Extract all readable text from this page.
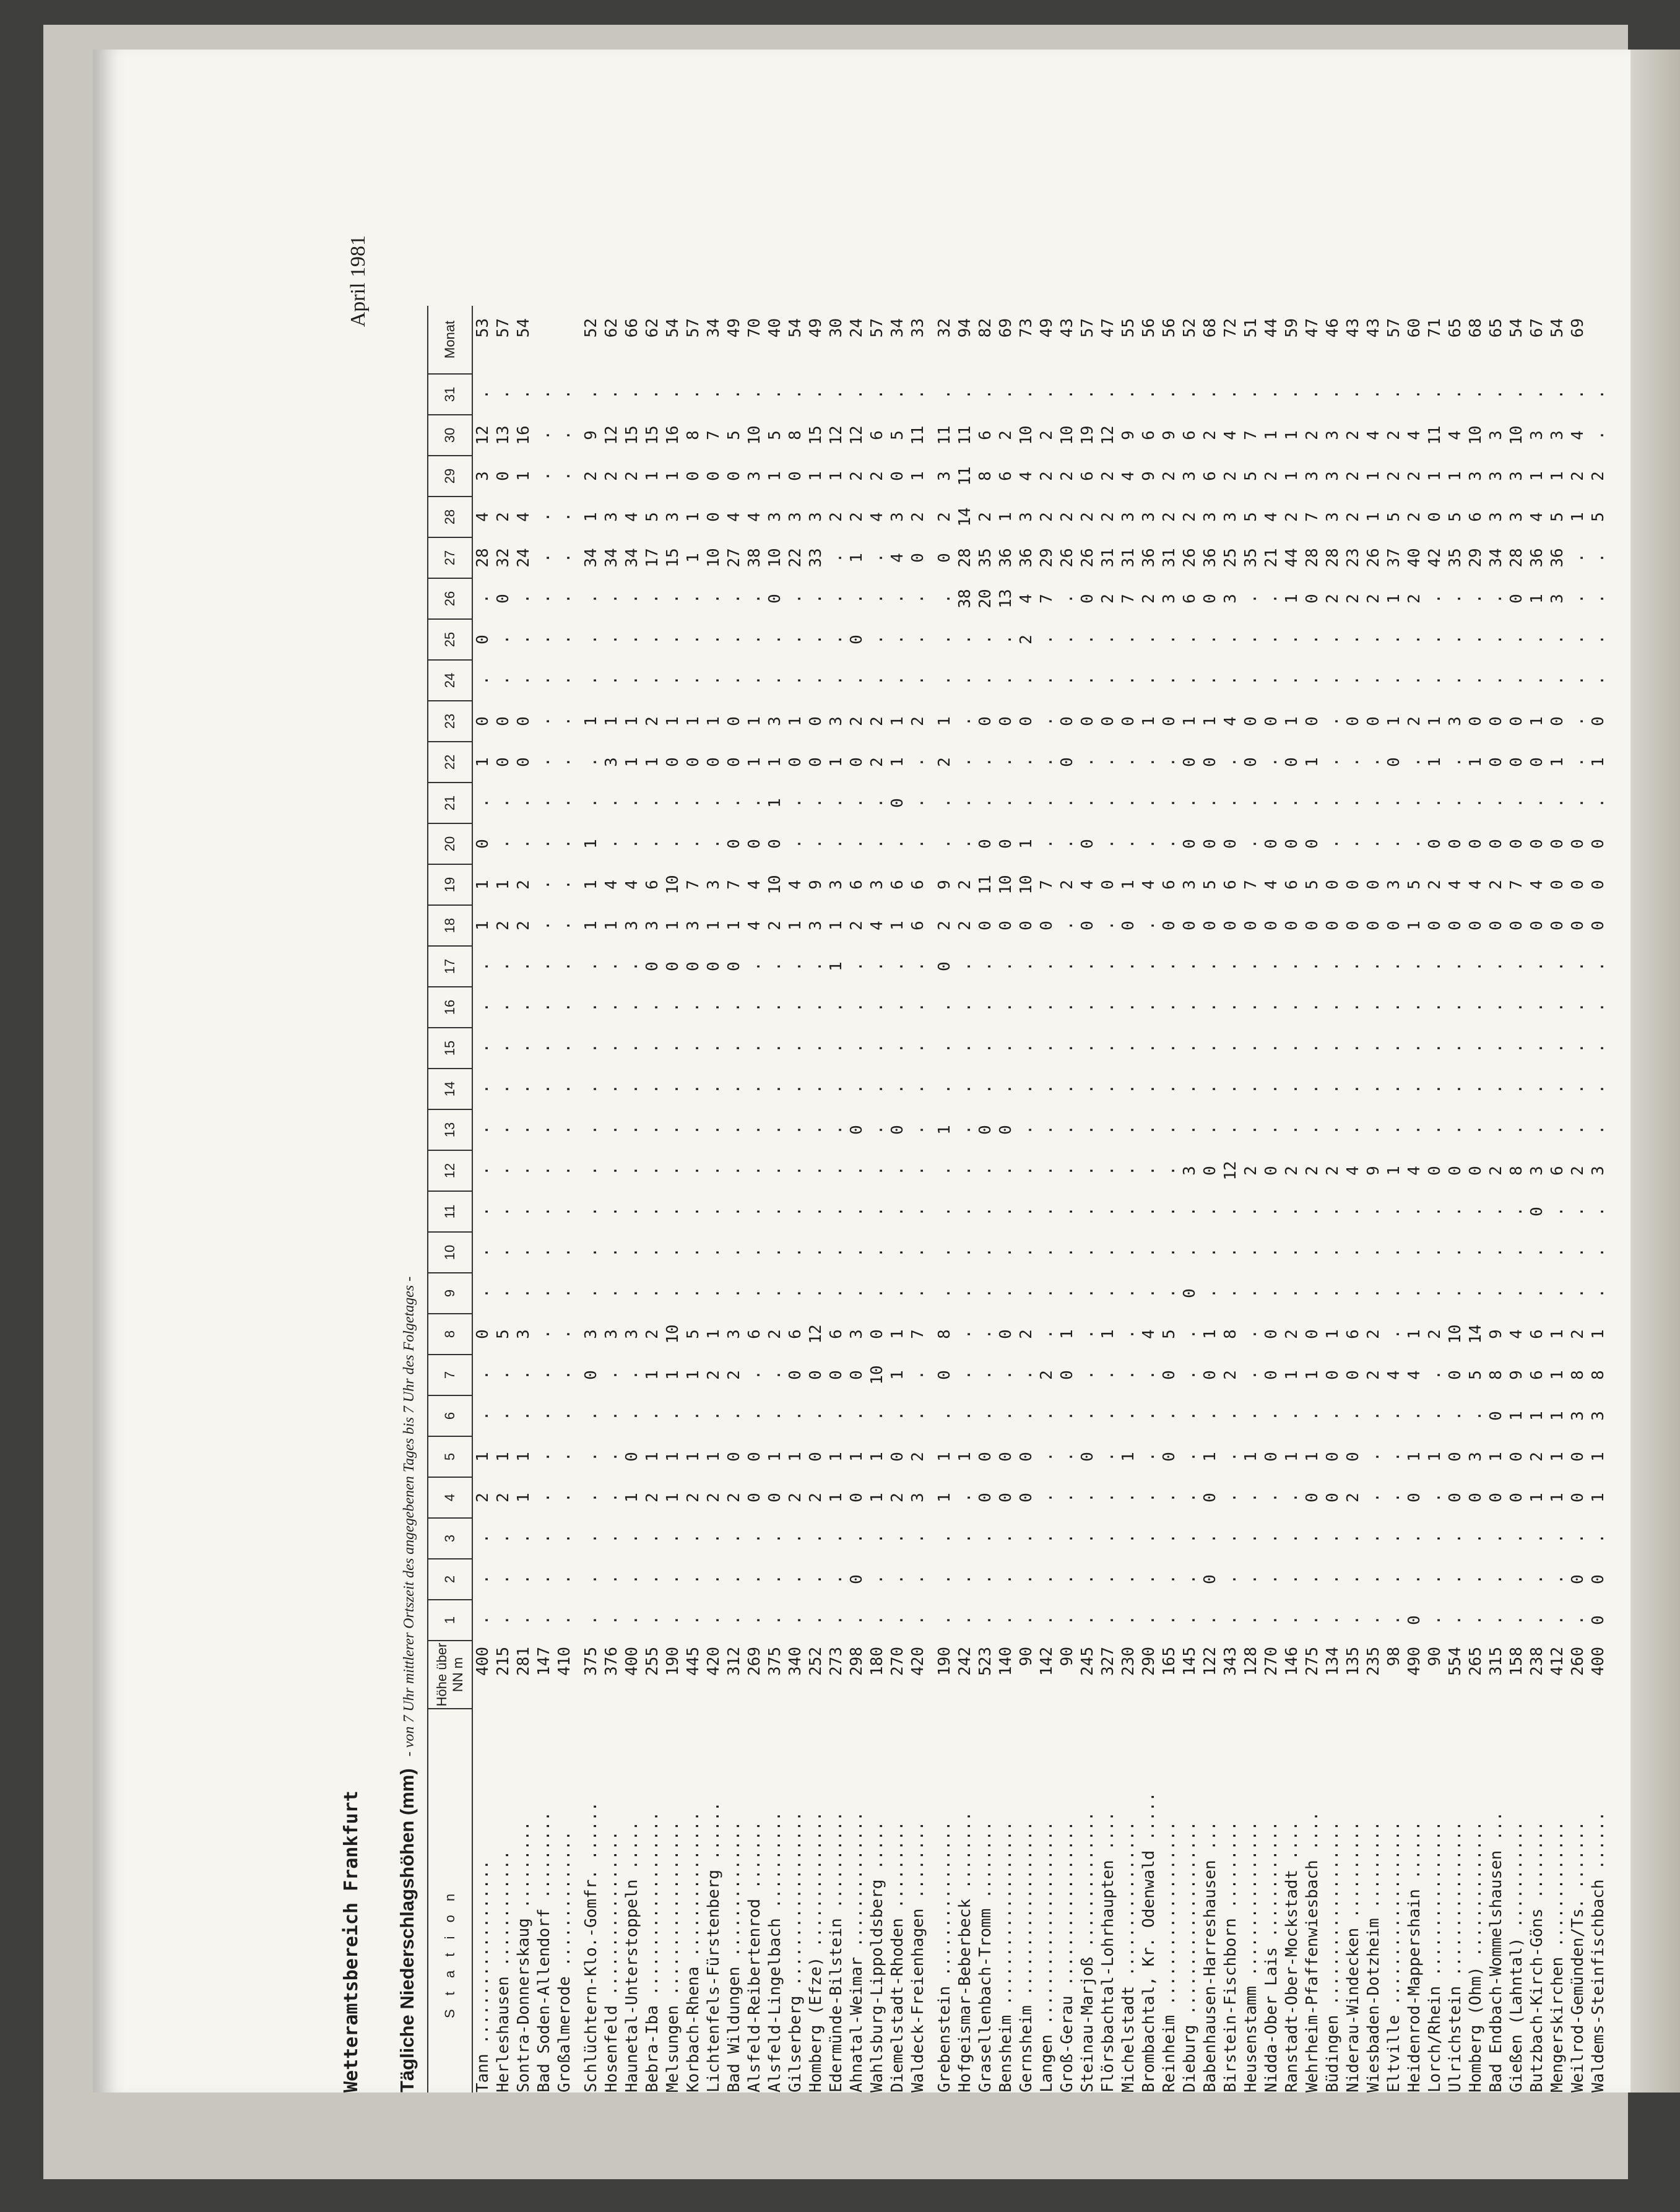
Wetteramtsbereich Frankfurt Tägliche Niederschlagshöhen (mm) - von 7 Uhr mittlerer Ortszeit des angegebenen Tages bis 7 Uhr des Folgetages -
April 1981
S t a t i o n	Höhe über NN m	1	2	3	4	5	6	7	8	9	10	11	12	13	14	15	16	17	18	19	20	21	22	23	24	25	26	27	28	29	30	31	Monat
Tann ...................	400	.	.	.	2	1	.	.	0	.	.	.	.	.	.	.	.	.	1	1	0	.	1	0	.	0	.	28	4	3	12	.	53
Herleshausen ............	215	.	.	.	2	1	.	.	5	.	.	.	.	.	.	.	.	.	2	1	.	.	0	0	.	.	0	32	2	0	13	.	57
Sontra-Donnerskaug .........	281	.	.	.	1	1	.	.	3	.	.	.	.	.	.	.	.	.	2	2	.	.	0	0	.	.	.	24	4	1	16	.	54
Bad Soden-Allendorf .........	147	.	.	.	.	.	.	.	.	.	.	.	.	.	.	.	.	.	.	.	.	.	.	.	.	.	.	.	.	.	.	.	
Großalmerode ..............	410	.	.	.	.	.	.	.	.	.	.	.	.	.	.	.	.	.	.	.	.	.	.	.	.	.	.	.	.	.	.	.	
Schlüchtern-Klo.-Gomfr. ......	375	.	.	.	.	.	.	0	3	.	.	.	.	.	.	.	.	.	1	1	1	.	.	1	.	.	.	34	1	2	9	.	52
Hosenfeld .................	376	.	.	.	.	.	.	.	3	.	.	.	.	.	.	.	.	.	1	4	.	.	3	1	.	.	.	34	3	2	12	.	62
Haunetal-Unterstoppeln .....	400	.	.	.	1	0	.	.	3	.	.	.	.	.	.	.	.	.	3	4	.	.	1	1	.	.	.	34	4	2	15	.	66
Bebra-Iba ...................	255	.	.	.	2	1	.	1	2	.	.	.	.	.	.	.	.	0	3	6	.	.	1	2	.	.	.	17	5	1	15	.	62
Melsungen ..................	190	.	.	.	1	1	.	1	10	.	.	.	.	.	.	.	.	0	1	10	.	.	0	1	.	.	.	15	3	1	16	.	54
Korbach-Rhena ...............	445	.	.	.	2	1	.	1	5	.	.	.	.	.	.	.	.	0	3	7	.	.	0	1	.	.	.	1	1	0	8	.	57
Lichtenfels-Fürstenberg ......	420	.	.	.	2	1	.	2	1	.	.	.	.	.	.	.	.	0	1	3	.	.	0	1	.	.	.	10	0	0	7	.	34
Bad Wildungen ..............	312	.	.	.	2	0	.	2	3	.	.	.	.	.	.	.	.	0	1	7	0	.	0	0	.	.	.	27	4	0	5	.	49
Alsfeld-Reibertenrod .......	269	.	.	.	0	0	.	.	6	.	.	.	.	.	.	.	.	.	4	4	0	.	1	1	.	.	.	38	4	3	10	.	70
Alsfeld-Lingelbach ..........	375	.	.	.	0	1	.	.	2	.	.	.	.	.	.	.	.	.	2	10	0	1	1	3	.	.	0	10	3	1	5	.	40
Gilserberg ..................	340	.	.	.	2	1	.	0	6	.	.	.	.	.	.	.	.	.	1	4	.	.	0	1	.	.	.	22	3	0	8	.	54
Homberg (Efze) ..............	252	.	.	.	2	0	.	0	12	.	.	.	.	.	.	.	.	.	3	9	.	.	0	0	.	.	.	33	3	1	15	.	49
Edermünde-Bilstein ..........	273	.	.	.	1	1	.	0	6	.	.	.	.	.	.	.	.	1	1	3	.	.	1	3	.	.	.	.	2	1	12	.	30
Ahnatal-Weimar ..............	298	.	0	.	0	1	.	0	3	.	.	.	.	0	.	.	.	.	2	6	.	.	0	2	.	0	.	1	2	2	12	.	24
Wahlsburg-Lippoldsberg .....	180	.	.	.	1	1	.	10	0	.	.	.	.	.	.	.	.	.	4	3	.	.	2	2	.	.	.	.	4	2	6	.	57
Diemelstadt-Rhoden .........	270	.	.	.	2	0	.	1	1	.	.	.	.	0	.	.	.	.	1	6	.	0	1	1	.	.	.	4	3	0	5	.	34
Waldeck-Freienhagen ........	420	.	.	.	3	2	.	.	7	.	.	.	.	.	.	.	.	.	6	6	.	.	.	2	.	.	.	0	2	1	11	.	33
Grebenstein ................	190	.	.	.	1	1	.	0	8	.	.	.	.	1	.	.	.	0	2	9	.	.	2	1	.	.	.	0	2	3	11	.	32
Hofgeismar-Beberbeck ........	242	.	.	.	.	1	.	.	.	.	.	.	.	.	.	.	.	.	2	2	.	.	.	.	.	.	38	28	14	11	11	.	94
Grasellenbach-Tromm ........	523	.	.	.	0	0	.	.	.	.	.	.	.	0	.	.	.	.	0	11	0	.	.	0	.	.	20	35	2	8	6	.	82
Bensheim ...................	140	.	.	.	0	0	.	.	0	.	.	.	.	0	.	.	.	.	0	10	0	.	.	0	.	.	13	36	1	6	2	.	69
Gernsheim ..................	90	.	.	.	0	0	.	.	2	.	.	.	.	.	.	.	.	.	0	10	1	.	.	0	.	2	4	36	3	4	10	.	73
Langen .....................	142	.	.	.	.	.	.	2	.	.	.	.	.	.	.	.	.	.	0	7	.	.	.	.	.	.	7	29	2	2	2	.	49
Groß-Gerau .................	90	.	.	.	.	.	.	0	1	.	.	.	.	.	.	.	.	.	.	2	.	.	0	0	.	.	.	26	2	2	10	.	43
Steinau-Marjoß ..............	245	.	.	.	.	0	.	.	.	.	.	.	.	.	.	.	.	.	0	4	0	.	.	0	.	.	0	26	2	6	19	.	57
Flörsbachtal-Lohrhaupten ....	327	.	.	.	.	.	.	.	1	.	.	.	.	.	.	.	.	.	.	0	.	.	.	0	.	.	2	31	2	2	12	.	47
Michelstadt ................	230	.	.	.	.	1	.	.	.	.	.	.	.	.	.	.	.	.	0	1	.	.	.	0	.	.	7	31	3	4	9	.	55
Brombachtal, Kr. Odenwald .....	290	.	.	.	.	.	.	.	4	.	.	.	.	.	.	.	.	.	.	4	.	.	.	1	.	.	2	36	3	9	6	.	56
Reinheim ...................	165	.	.	.	.	0	.	0	5	.	.	.	.	.	.	.	.	.	0	6	.	.	.	0	.	.	3	31	2	2	9	.	56
Dieburg ....................	145	.	.	.	.	.	.	.	.	0	.	.	3	.	.	.	.	.	0	3	0	.	0	1	.	.	6	26	2	3	6	.	52
Babenhausen-Harreshausen ...	122	.	0	.	0	1	.	0	1	.	.	.	0	.	.	.	.	.	0	5	0	.	0	1	.	.	0	36	3	6	2	.	68
Birstein-Fischborn .........	343	.	.	.	.	.	.	2	8	.	.	.	12	.	.	.	.	.	0	6	0	.	.	4	.	.	3	25	3	2	4	.	72
Heusenstamm ................	128	.	.	.	.	1	.	.	.	.	.	.	2	.	.	.	.	.	0	7	.	.	0	0	.	.	.	35	5	5	7	.	51
Nidda-Ober Lais ............	270	.	.	.	.	0	.	0	0	.	.	.	0	.	.	.	.	.	0	4	0	.	.	0	.	.	.	21	4	2	1	.	44
Ranstadt-Ober-Mockstadt ....	146	.	.	.	.	1	.	1	2	.	.	.	2	.	.	.	.	.	0	6	0	.	0	1	.	.	1	44	2	1	1	.	59
Wehrheim-Pfaffenwiesbach ....	275	.	.	.	0	1	.	1	0	.	.	.	2	.	.	.	.	.	0	5	0	.	1	0	.	.	0	28	7	3	2	.	47
Büdingen ...................	134	.	.	.	0	0	.	0	1	.	.	.	2	.	.	.	.	.	0	0	.	.	.	.	.	.	2	28	3	3	3	.	46
Niderau-Windecken ..........	135	.	.	.	2	0	.	0	6	.	.	.	4	.	.	.	.	.	0	0	.	.	.	0	.	.	2	23	2	2	2	.	43
Wiesbaden-Dotzheim .........	235	.	.	.	.	.	.	2	2	.	.	.	9	.	.	.	.	.	0	0	.	.	.	0	.	.	2	26	1	1	4	.	43
Eltville ...................	98	.	.	.	.	.	.	4	.	.	.	.	1	.	.	.	.	.	0	3	.	.	0	1	.	.	1	37	5	2	2	.	57
Heidenrod-Mappershain ......	490	0	.	.	0	1	.	4	1	.	.	.	4	.	.	.	.	.	1	5	.	.	.	2	.	.	2	40	2	2	4	.	60
Lorch/Rhein ................	90	.	.	.	.	1	.	.	2	.	.	.	0	.	.	.	.	.	0	2	0	.	1	1	.	.	.	42	0	1	11	.	71
Ulrichstein ................	554	.	.	.	0	0	.	0	10	.	.	.	0	.	.	.	.	.	0	4	0	.	.	3	.	.	.	35	5	1	4	.	65
Homberg (Ohm) ..............	265	.	.	.	0	3	.	5	14	.	.	.	0	.	.	.	.	.	0	4	0	.	1	0	.	.	.	29	6	3	10	.	68
Bad Endbach-Wommelshausen ...	315	.	.	.	0	1	0	8	9	.	.	.	2	.	.	.	.	.	0	2	0	.	0	0	.	.	.	34	3	3	3	.	65
Gießen (Lahntal) ...........	158	.	.	.	0	0	1	9	4	.	.	.	8	.	.	.	.	.	0	7	0	.	0	0	.	.	0	28	3	3	10	.	54
Butzbach-Kirch-Göns ........	238	.	.	.	1	2	1	6	6	.	.	0	3	.	.	.	.	.	0	4	0	.	0	1	.	.	1	36	4	1	3	.	67
Mengerskirchen .............	412	.	.	.	1	1	1	1	1	.	.	.	6	.	.	.	.	.	0	0	0	.	1	0	.	.	3	36	5	1	3	.	54
Weilrod-Gemünden/Ts. .......	260	.	0	.	0	0	3	8	2	.	.	.	2	.	.	.	.	.	0	0	0	.	.	.	.	.	.	.	1	2	4	.	69
Waldems-Steinfischbach ......	400	0	0	.	1	1	3	8	1	.	.	.	3	.	.	.	.	.	0	0	0	.	1	0	.	.	.	.	5	2	.	.	
